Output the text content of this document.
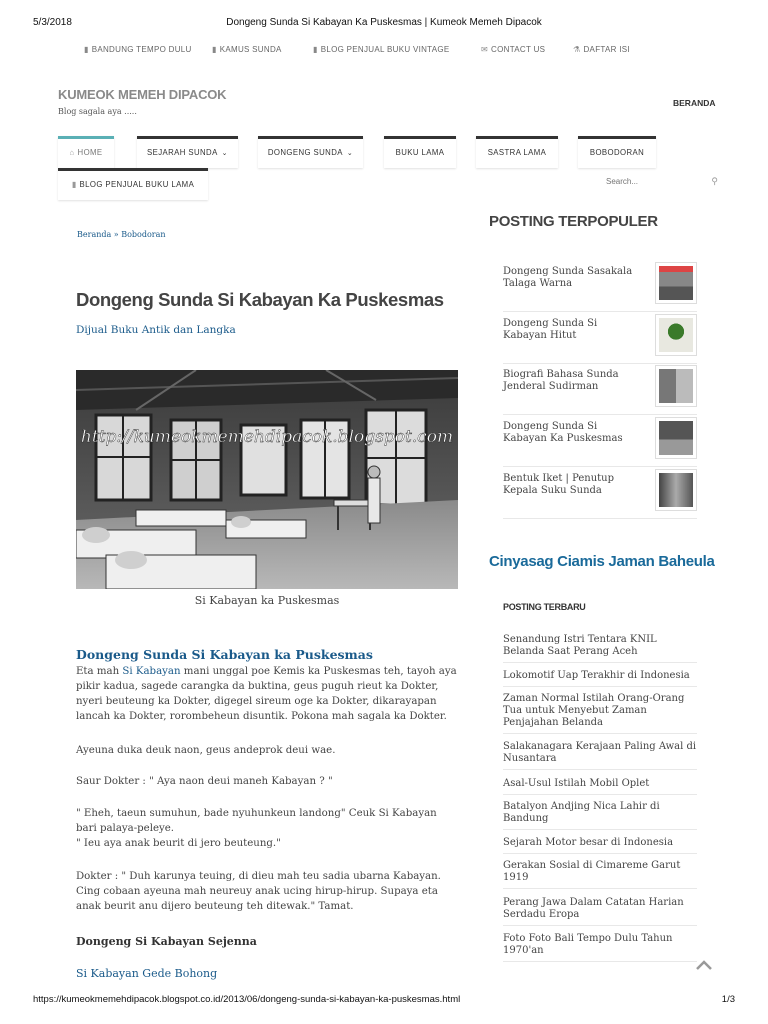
5/3/2018	Dongeng Sunda Si Kabayan Ka Puskesmas | Kumeok Memeh Dipacok
▮ BANDUNG TEMPO DULU	▮ KAMUS SUNDA	▮ BLOG PENJUAL BUKU VINTAGE	✉ CONTACT US	⚗ DAFTAR ISI
KUMEOK MEMEH DIPACOK
Blog sagala aya .....
BERANDA
⌂ HOME	SEJARAH SUNDA ⌄	DONGENG SUNDA ⌄	BUKU LAMA	SASTRA LAMA	BOBODORAN
▮ BLOG PENJUAL BUKU LAMA
Search...	⚲
Beranda » Bobodoran
Dongeng Sunda Si Kabayan Ka Puskesmas
Dijual Buku Antik dan Langka
http://kumeokmemehdipacok.blogspot.com
Si Kabayan ka Puskesmas
Dongeng Sunda Si Kabayan ka Puskesmas
Eta mah Si Kabayan mani unggal poe Kemis ka Puskesmas teh, tayoh aya pikir kadua, sagede carangka da buktina, geus puguh rieut ka Dokter, nyeri beuteung ka Dokter, digegel sireum oge ka Dokter, dikarayapan lancah ka Dokter, rorombeheun disuntik. Pokona mah sagala ka Dokter.
Ayeuna duka deuk naon, geus andeprok deui wae.
Saur Dokter : " Aya naon deui maneh Kabayan ? "
" Eheh, taeun sumuhun, bade nyuhunkeun landong" Ceuk Si Kabayan bari palaya-peleye.
" Ieu aya anak beurit di jero beuteung."
Dokter : " Duh karunya teuing, di dieu mah teu sadia ubarna Kabayan. Cing cobaan ayeuna mah neureuy anak ucing hirup-hirup. Supaya eta anak beurit anu dijero beuteung teh ditewak." Tamat.
Dongeng Si Kabayan Sejenna
Si Kabayan Gede Bohong
POSTING TERPOPULER
Dongeng Sunda Sasakala Talaga Warna
Dongeng Sunda Si Kabayan Hitut
Biografi Bahasa Sunda Jenderal Sudirman
Dongeng Sunda Si Kabayan Ka Puskesmas
Bentuk Iket | Penutup Kepala Suku Sunda
Cinyasag Ciamis Jaman Baheula
POSTING TERBARU
Senandung Istri Tentara KNIL Belanda Saat Perang Aceh
Lokomotif Uap Terakhir di Indonesia
Zaman Normal Istilah Orang-Orang Tua untuk Menyebut Zaman Penjajahan Belanda
Salakanagara Kerajaan Paling Awal di Nusantara
Asal-Usul Istilah Mobil Oplet
Batalyon Andjing Nica Lahir di Bandung
Sejarah Motor besar di Indonesia
Gerakan Sosial di Cimareme Garut 1919
Perang Jawa Dalam Catatan Harian Serdadu Eropa
Foto Foto Bali Tempo Dulu Tahun 1970'an
https://kumeokmemehdipacok.blogspot.co.id/2013/06/dongeng-sunda-si-kabayan-ka-puskesmas.html	1/3
